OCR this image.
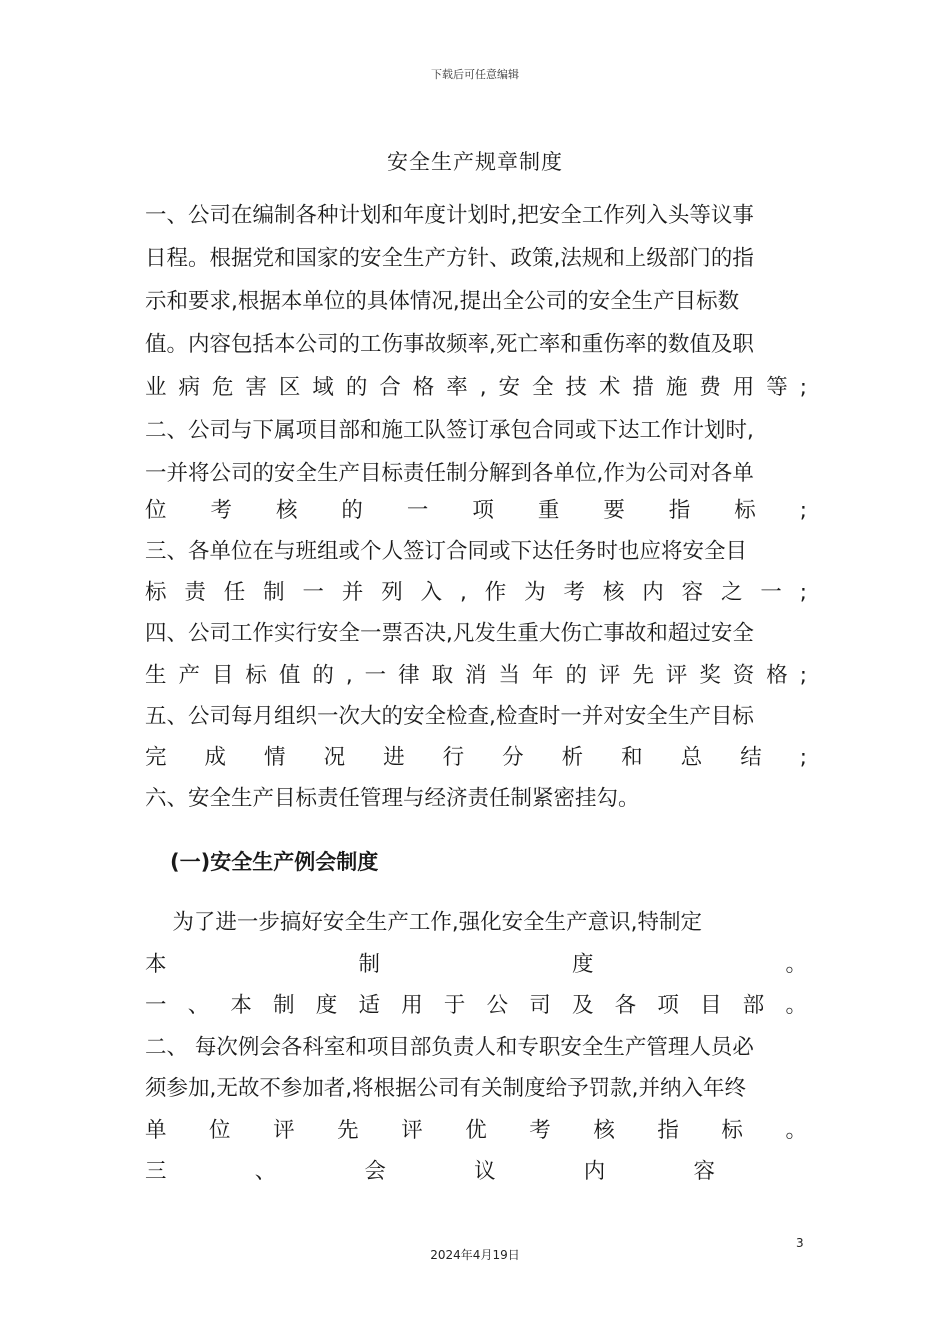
下载后可任意编辑
安全生产规章制度
一、公司在编制各种计划和年度计划时,把安全工作列入头等议事
日程。根据党和国家的安全生产方针、政策,法规和上级部门的指
示和要求,根据本单位的具体情况,提出全公司的安全生产目标数
值。内容包括本公司的工伤事故频率,死亡率和重伤率的数值及职
业病危害区域的合格率,安全技术措施费用等;
二、公司与下属项目部和施工队签订承包合同或下达工作计划时,
一并将公司的安全生产目标责任制分解到各单位,作为公司对各单
位考核的一项重要指标;
三、各单位在与班组或个人签订合同或下达任务时也应将安全目
标责任制一并列入,作为考核内容之一;
四、公司工作实行安全一票否决,凡发生重大伤亡事故和超过安全
生产目标值的,一律取消当年的评先评奖资格;
五、公司每月组织一次大的安全检查,检查时一并对安全生产目标
完成情况进行分析和总结;
六、安全生产目标责任管理与经济责任制紧密挂勾。
(一)安全生产例会制度
为了进一步搞好安全生产工作,强化安全生产意识,特制定
本制度。
一、本制度适用于公司及各项目部。
二、 每次例会各科室和项目部负责人和专职安全生产管理人员必
须参加,无故不参加者,将根据公司有关制度给予罚款,并纳入年终
单位评先评优考核指标。
三、会议内容
3
2024年4月19日
